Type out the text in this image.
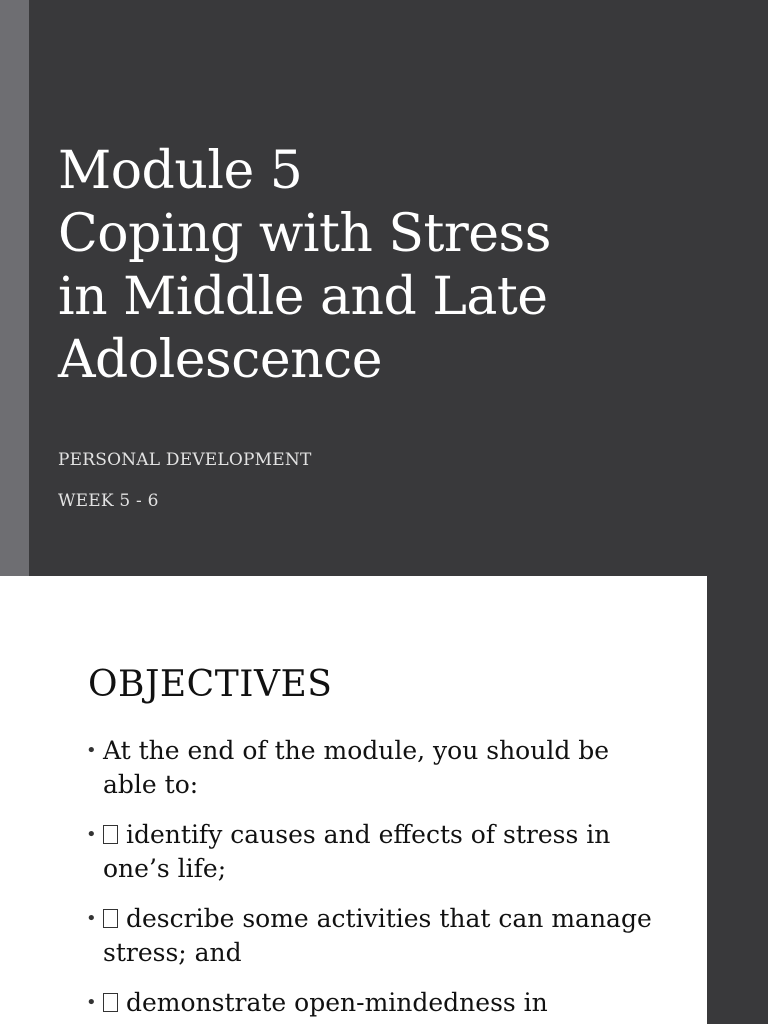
Module 5
Coping with Stress
in Middle and Late
Adolescence

PERSONAL DEVELOPMENT

WEEK 5 - 6

OBJECTIVES
• At the end of the module, you should be able to:
• identify causes and effects of stress in one’s life;
• describe some activities that can manage stress; and
• demonstrate open-mindedness in
